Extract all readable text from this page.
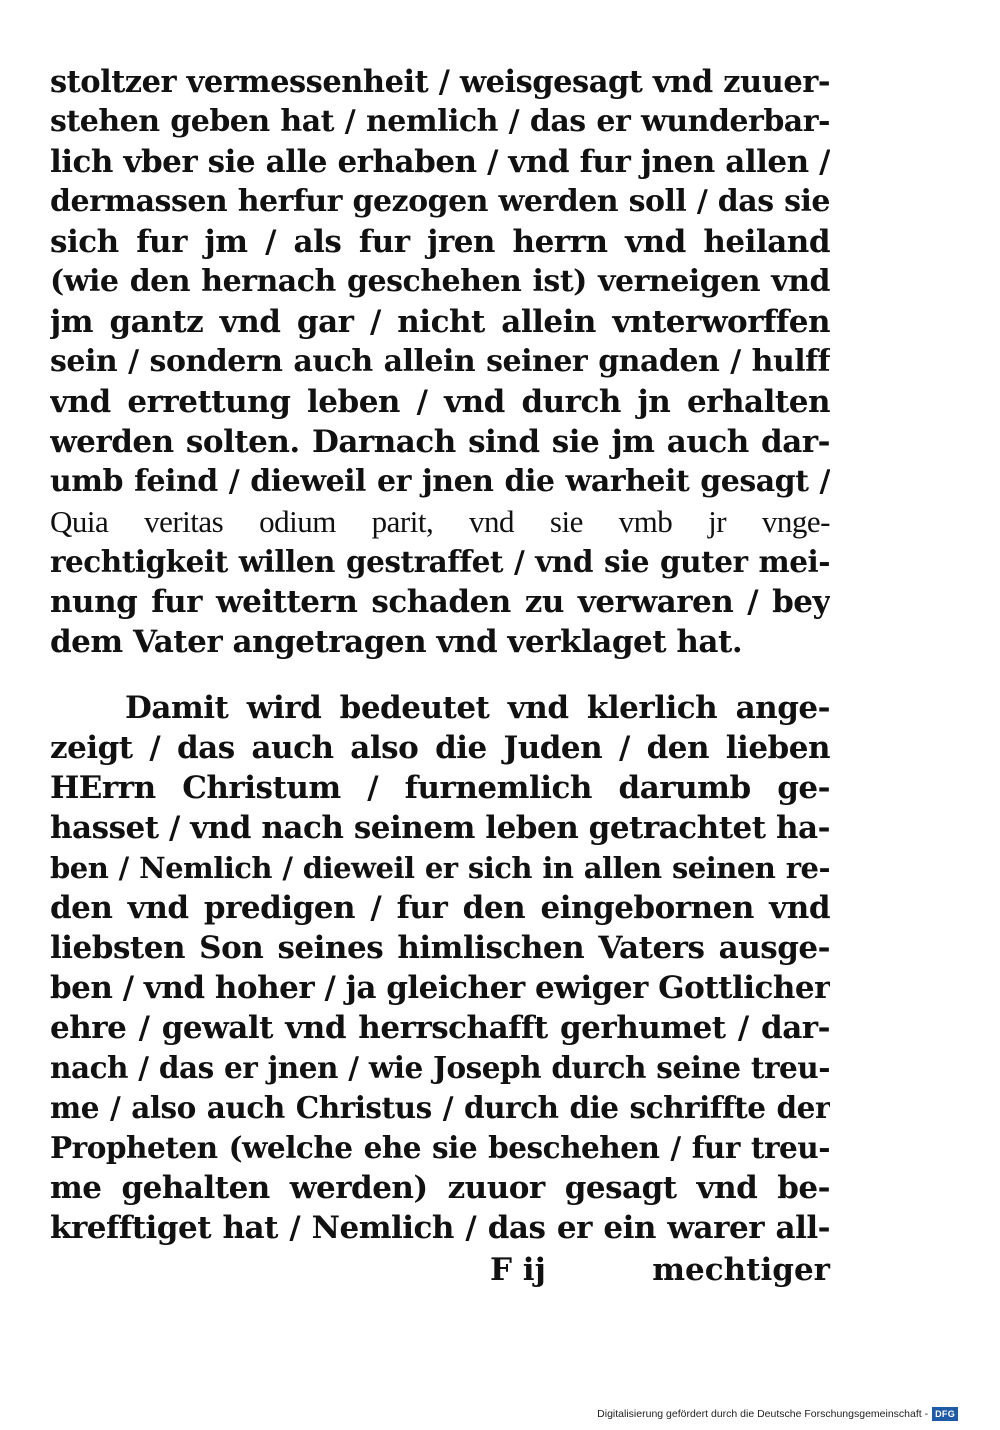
stoltzer vermessenheit / weisgesagt vnd zuuer-
stehen geben hat / nemlich / das er wunderbar-
lich vber sie alle erhaben / vnd fur jnen allen /
dermassen herfur gezogen werden soll / das sie
sich fur jm / als fur jren herrn vnd heiland
(wie den hernach geschehen ist) verneigen vnd
jm gantz vnd gar / nicht allein vnterworffen
sein / sondern auch allein seiner gnaden / hulff
vnd errettung leben / vnd durch jn erhalten
werden solten. Darnach sind sie jm auch dar-
umb feind / dieweil er jnen die warheit gesagt /
Quia veritas odium parit, vnd sie vmb jr vnge-
rechtigkeit willen gestraffet / vnd sie guter mei-
nung fur weittern schaden zu verwaren / bey
dem Vater angetragen vnd verklaget hat.
Damit wird bedeutet vnd klerlich ange-
zeigt / das auch also die Juden / den lieben
HErrn Christum / furnemlich darumb ge-
hasset / vnd nach seinem leben getrachtet ha-
ben / Nemlich / dieweil er sich in allen seinen re-
den vnd predigen / fur den eingebornen vnd
liebsten Son seines himlischen Vaters ausge-
ben / vnd hoher / ja gleicher ewiger Gottlicher
ehre / gewalt vnd herrschafft gerhumet / dar-
nach / das er jnen / wie Joseph durch seine treu-
me / also auch Christus / durch die schriffte der
Propheten (welche ehe sie beschehen / fur treu-
me gehalten werden) zuuor gesagt vnd be-
krefftiget hat / Nemlich / das er ein warer all-
F ij	mechtiger
Digitalisierung gefördert durch die Deutsche Forschungsgemeinschaft - DFG
